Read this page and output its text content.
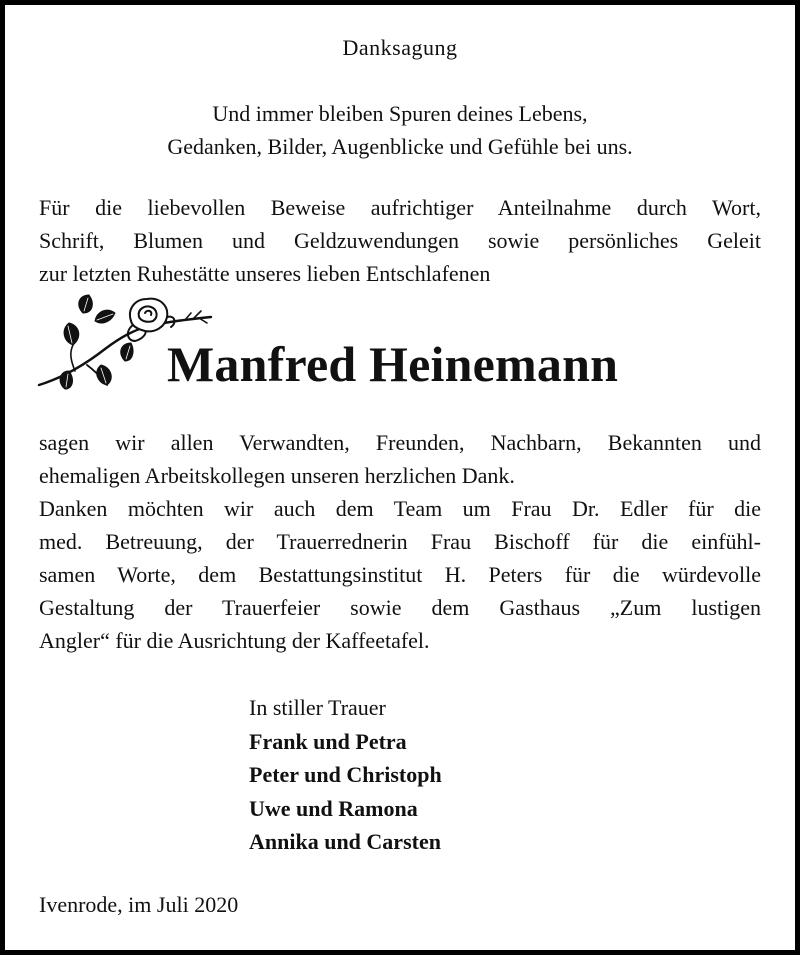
Danksagung
Und immer bleiben Spuren deines Lebens,
Gedanken, Bilder, Augenblicke und Gefühle bei uns.
Für die liebevollen Beweise aufrichtiger Anteilnahme durch Wort,
Schrift, Blumen und Geldzuwendungen sowie persönliches Geleit
zur letzten Ruhestätte unseres lieben Entschlafenen
Manfred Heinemann
sagen wir allen Verwandten, Freunden, Nachbarn, Bekannten und
ehemaligen Arbeitskollegen unseren herzlichen Dank.
Danken möchten wir auch dem Team um Frau Dr. Edler für die
med. Betreuung, der Trauerrednerin Frau Bischoff für die einfühl-
samen Worte, dem Bestattungsinstitut H. Peters für die würdevolle
Gestaltung der Trauerfeier sowie dem Gasthaus „Zum lustigen
Angler“ für die Ausrichtung der Kaffeetafel.
In stiller Trauer
Frank und Petra
Peter und Christoph
Uwe und Ramona
Annika und Carsten
Ivenrode, im Juli 2020
